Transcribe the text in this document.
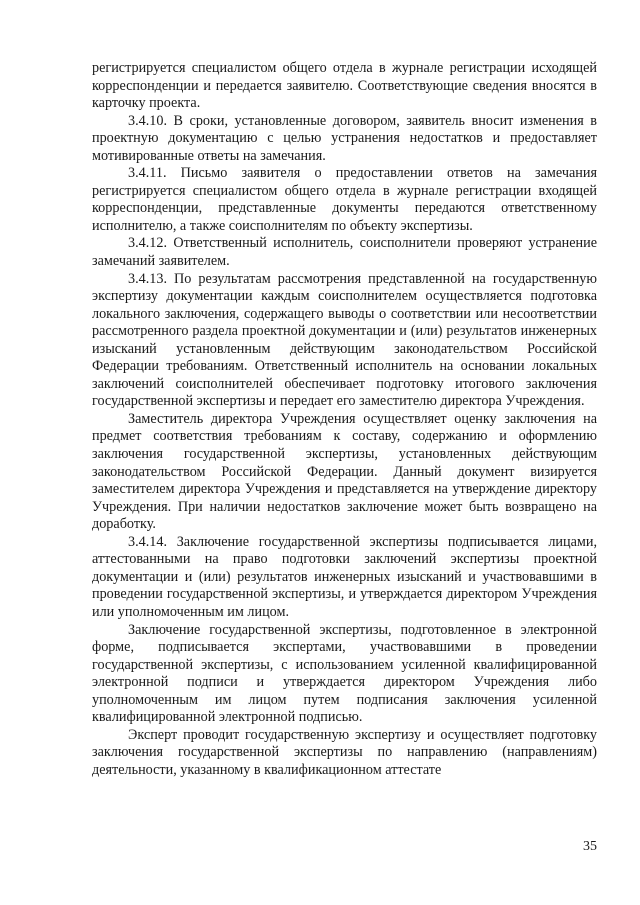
регистрируется специалистом общего отдела в журнале регистрации исходящей корреспонденции и передается заявителю. Соответствующие сведения вносятся в карточку проекта.

3.4.10. В сроки, установленные договором, заявитель вносит изменения в проектную документацию с целью устранения недостатков и предоставляет мотивированные ответы на замечания.

3.4.11. Письмо заявителя о предоставлении ответов на замечания регистрируется специалистом общего отдела в журнале регистрации входящей корреспонденции, представленные документы передаются ответственному исполнителю, а также соисполнителям по объекту экспертизы.

3.4.12. Ответственный исполнитель, соисполнители проверяют устранение замечаний заявителем.

3.4.13. По результатам рассмотрения представленной на государственную экспертизу документации каждым соисполнителем осуществляется подготовка локального заключения, содержащего выводы о соответствии или несоответствии рассмотренного раздела проектной документации и (или) результатов инженерных изысканий установленным действующим законодательством Российской Федерации требованиям. Ответственный исполнитель на основании локальных заключений соисполнителей обеспечивает подготовку итогового заключения государственной экспертизы и передает его заместителю директора Учреждения.

Заместитель директора Учреждения осуществляет оценку заключения на предмет соответствия требованиям к составу, содержанию и оформлению заключения государственной экспертизы, установленных действующим законодательством Российской Федерации. Данный документ визируется заместителем директора Учреждения и представляется на утверждение директору Учреждения. При наличии недостатков заключение может быть возвращено на доработку.

3.4.14. Заключение государственной экспертизы подписывается лицами, аттестованными на право подготовки заключений экспертизы проектной документации и (или) результатов инженерных изысканий и участвовавшими в проведении государственной экспертизы, и утверждается директором Учреждения или уполномоченным им лицом.

Заключение государственной экспертизы, подготовленное в электронной форме, подписывается экспертами, участвовавшими в проведении государственной экспертизы, с использованием усиленной квалифицированной электронной подписи и утверждается директором Учреждения либо уполномоченным им лицом путем подписания заключения усиленной квалифицированной электронной подписью.

Эксперт проводит государственную экспертизу и осуществляет подготовку заключения государственной экспертизы по направлению (направлениям) деятельности, указанному в квалификационном аттестате

35
